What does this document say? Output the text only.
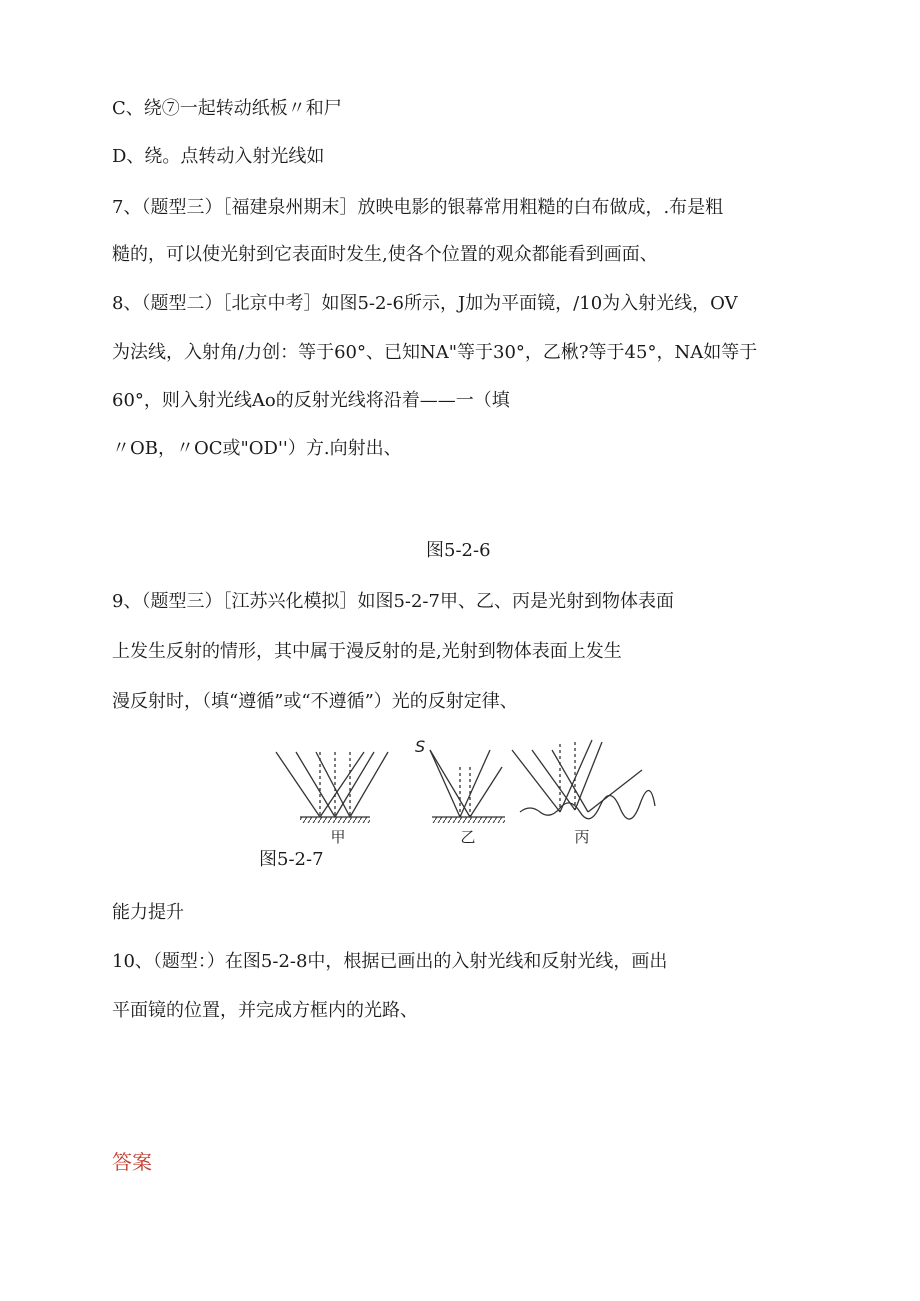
C、绕⑦一起转动纸板〃和尸
D、绕。点转动入射光线如
7、（题型三）［福建泉州期末］放映电影的银幕常用粗糙的白布做成，.布是粗
糙的，可以使光射到它表面时发生,使各个位置的观众都能看到画面、
8、（题型二）［北京中考］如图5-2-6所示，J加为平面镜，/10为入射光线，OV
为法线，入射角/力创：等于60°、已知NA"等于30°，乙楸?等于45°，NA如等于
60°，则入射光线Ao的反射光线将沿着——一（填
〃OB，〃OC或"OD''）方.向射出、
图5-2-6
9、（题型三）［江苏兴化模拟］如图5-2-7甲、乙、丙是光射到物体表面
上发生反射的情形，其中属于漫反射的是,光射到物体表面上发生
漫反射时，（填“遵循”或“不遵循”）光的反射定律、
S
甲	乙	丙
图5-2-7
能力提升
10、（题型：）在图5-2-8中，根据已画出的入射光线和反射光线，画出
平面镜的位置，并完成方框内的光路、
答案
